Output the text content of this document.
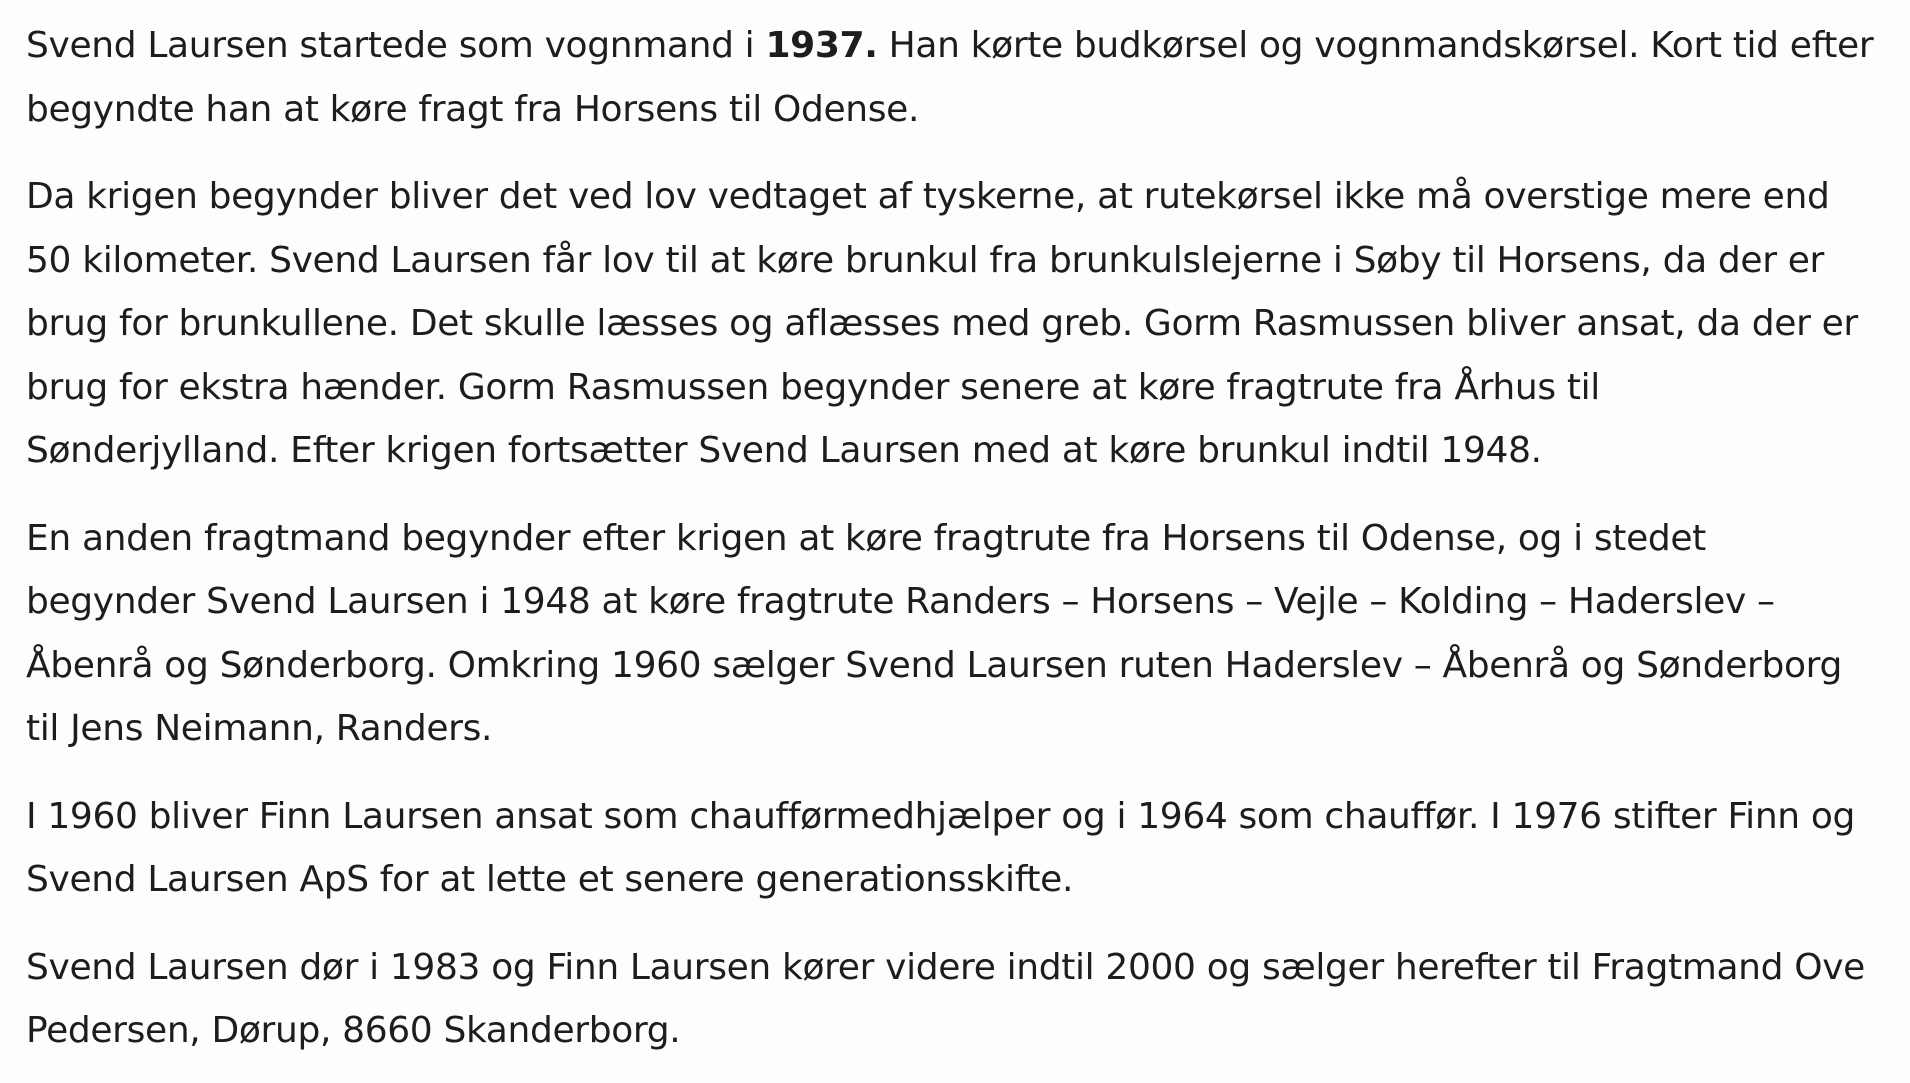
Svend Laursen startede som vognmand i 1937. Han kørte budkørsel og vognmandskørsel. Kort tid efter
begyndte han at køre fragt fra Horsens til Odense.

Da krigen begynder bliver det ved lov vedtaget af tyskerne, at rutekørsel ikke må overstige mere end
50 kilometer. Svend Laursen får lov til at køre brunkul fra brunkulslejerne i Søby til Horsens, da der er
brug for brunkullene. Det skulle læsses og aflæsses med greb. Gorm Rasmussen bliver ansat, da der er
brug for ekstra hænder. Gorm Rasmussen begynder senere at køre fragtrute fra Århus til
Sønderjylland. Efter krigen fortsætter Svend Laursen med at køre brunkul indtil 1948.

En anden fragtmand begynder efter krigen at køre fragtrute fra Horsens til Odense, og i stedet
begynder Svend Laursen i 1948 at køre fragtrute Randers – Horsens – Vejle – Kolding – Haderslev –
Åbenrå og Sønderborg. Omkring 1960 sælger Svend Laursen ruten Haderslev – Åbenrå og Sønderborg
til Jens Neimann, Randers.

I 1960 bliver Finn Laursen ansat som chaufførmedhjælper og i 1964 som chauffør. I 1976 stifter Finn og
Svend Laursen ApS for at lette et senere generationsskifte.

Svend Laursen dør i 1983 og Finn Laursen kører videre indtil 2000 og sælger herefter til Fragtmand Ove
Pedersen, Dørup, 8660 Skanderborg.
